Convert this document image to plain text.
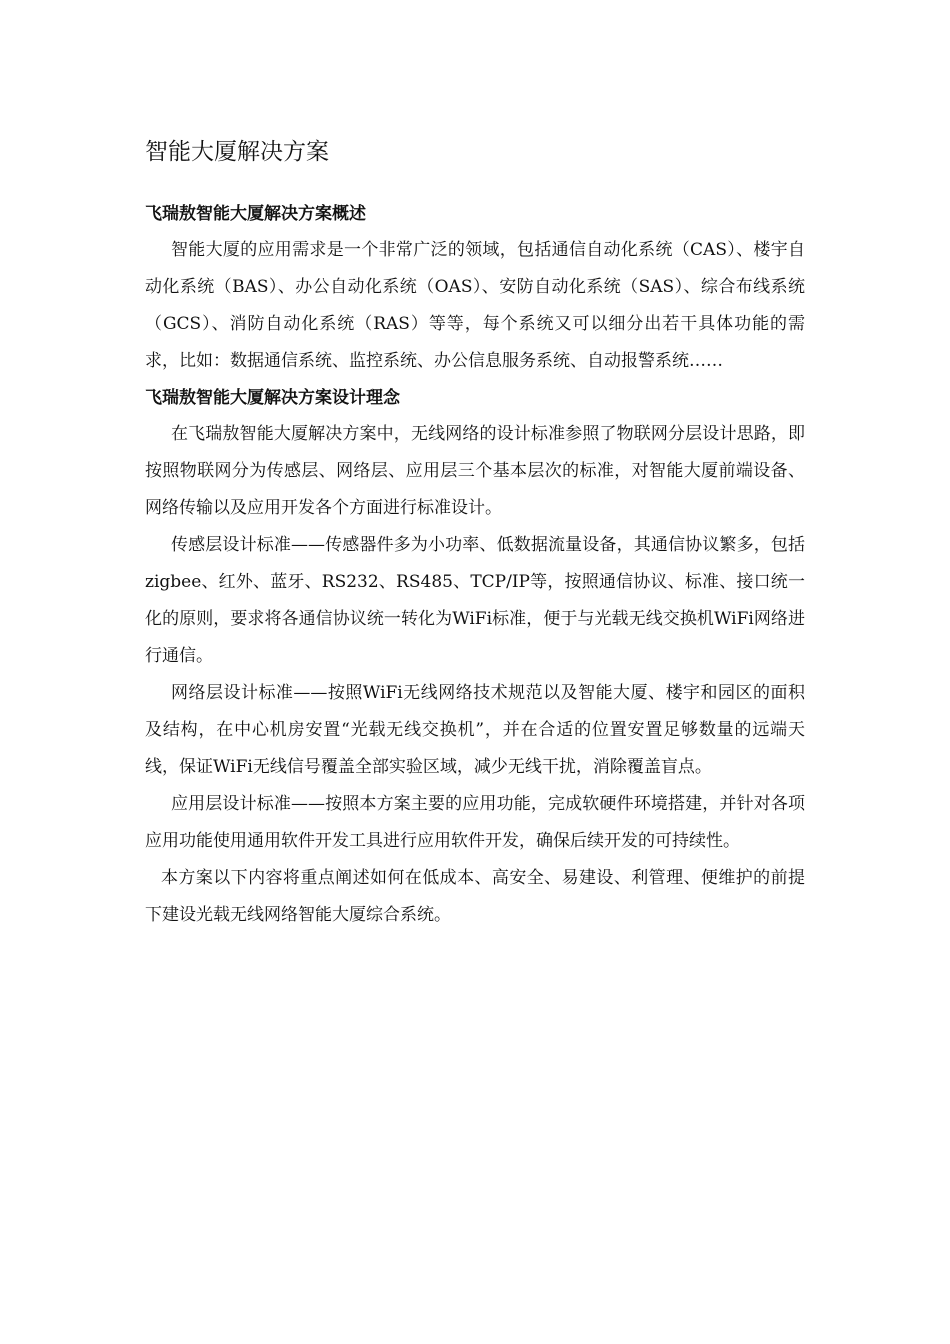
智能大厦解决方案
飞瑞敖智能大厦解决方案概述

智能大厦的应用需求是一个非常广泛的领域，包括通信自动化系统（CAS）、楼宇自动化系统（BAS）、办公自动化系统（OAS）、安防自动化系统（SAS）、综合布线系统（GCS）、消防自动化系统（RAS）等等，每个系统又可以细分出若干具体功能的需求，比如：数据通信系统、监控系统、办公信息服务系统、自动报警系统……

飞瑞敖智能大厦解决方案设计理念

在飞瑞敖智能大厦解决方案中，无线网络的设计标准参照了物联网分层设计思路，即按照物联网分为传感层、网络层、应用层三个基本层次的标准，对智能大厦前端设备、网络传输以及应用开发各个方面进行标准设计。

传感层设计标准——传感器件多为小功率、低数据流量设备，其通信协议繁多，包括zigbee、红外、蓝牙、RS232、RS485、TCP/IP等，按照通信协议、标准、接口统一化的原则，要求将各通信协议统一转化为WiFi标准，便于与光载无线交换机WiFi网络进行通信。

网络层设计标准——按照WiFi无线网络技术规范以及智能大厦、楼宇和园区的面积及结构，在中心机房安置“光载无线交换机”，并在合适的位置安置足够数量的远端天线，保证WiFi无线信号覆盖全部实验区域，减少无线干扰，消除覆盖盲点。

应用层设计标准——按照本方案主要的应用功能，完成软硬件环境搭建，并针对各项应用功能使用通用软件开发工具进行应用软件开发，确保后续开发的可持续性。

本方案以下内容将重点阐述如何在低成本、高安全、易建设、利管理、便维护的前提下建设光载无线网络智能大厦综合系统。
